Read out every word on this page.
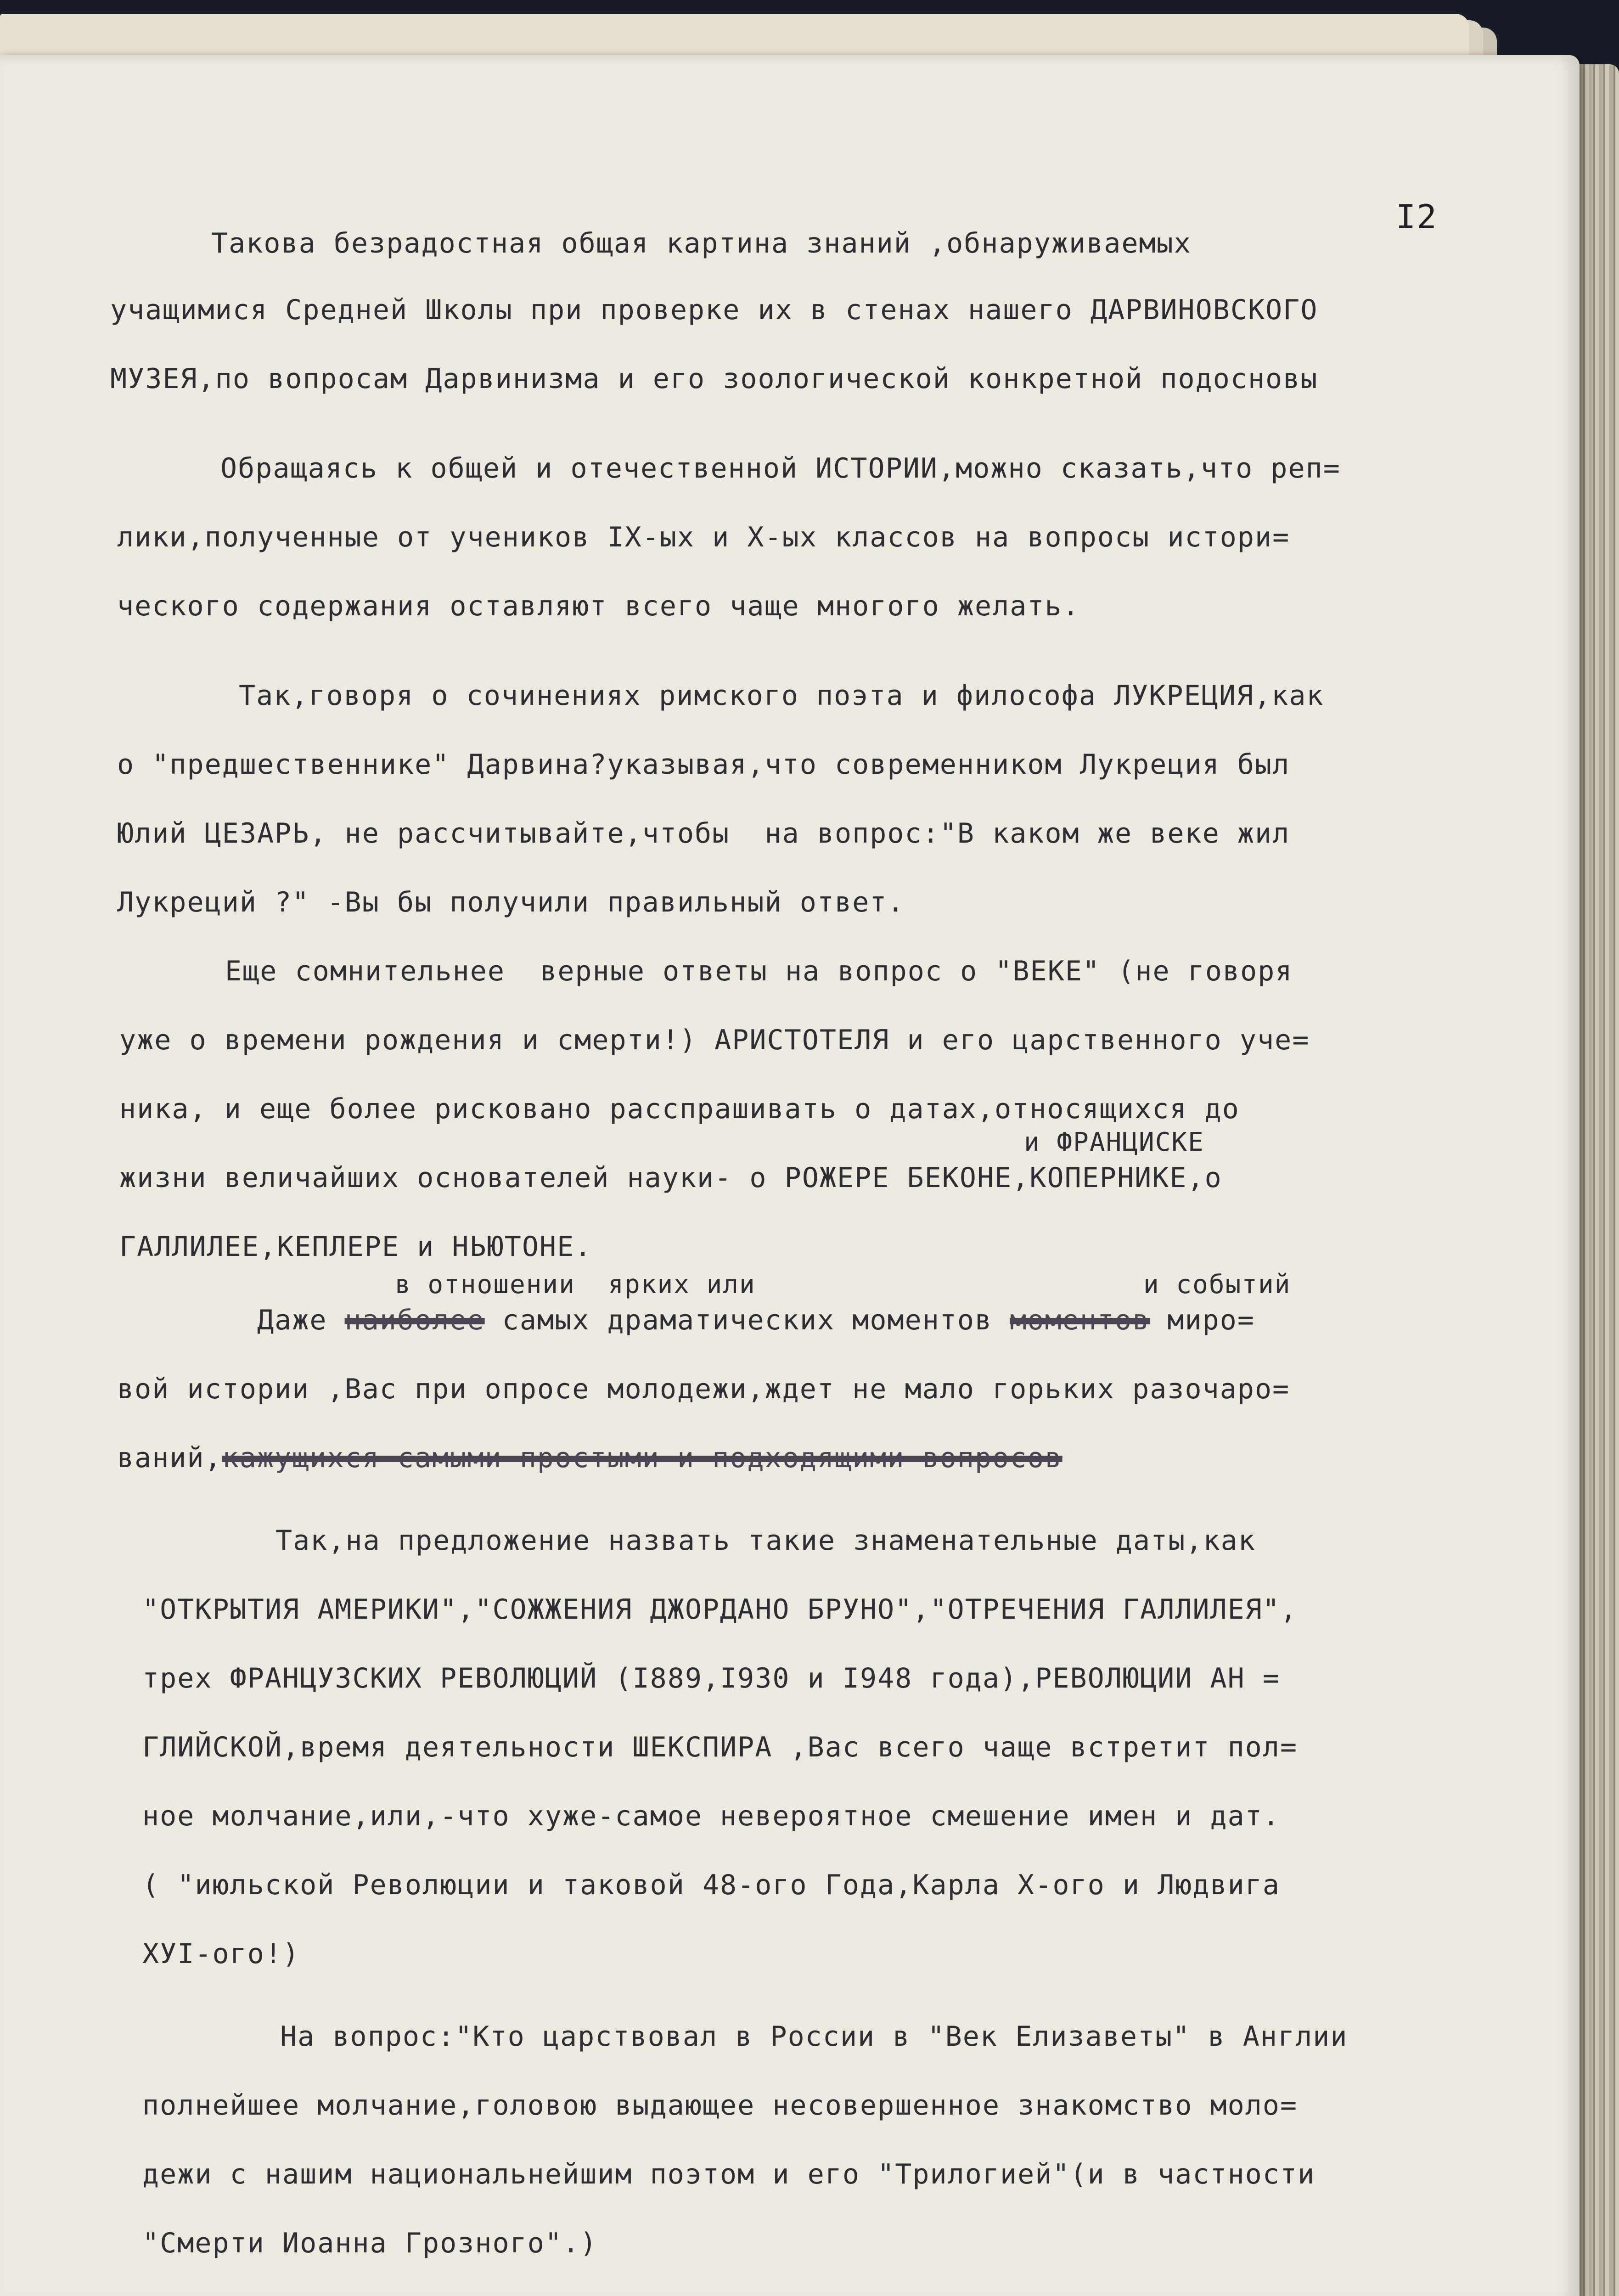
I2
Такова безрадостная общая картина знаний ,обнаруживаемых
учащимися Средней Школы при проверке их в стенах нашего ДАРВИНОВСКОГО
МУЗЕЯ,по вопросам Дарвинизма и его зоологической конкретной подосновы
Обращаясь к общей и отечественной ИСТОРИИ,можно сказать,что реп=
лики,полученные от учеников IX-ых и X-ых классов на вопросы истори=
ческого содержания оставляют всего чаще многого желать.
Так,говоря о сочинениях римского поэта и философа ЛУКРЕЦИЯ,как
о "предшественнике" Дарвина?указывая,что современником Лукреция был
Юлий ЦЕЗАРЬ, не рассчитывайте,чтобы  на вопрос:"В каком же веке жил
Лукреций ?" -Вы бы получили правильный ответ.
Еще сомнительнее  верные ответы на вопрос о "ВЕКЕ" (не говоря
уже о времени рождения и смерти!) АРИСТОТЕЛЯ и его царственного уче=
ника, и еще более рисковано расспрашивать о датах,относящихся до
и ФРАНЦИСКЕ
жизни величайших основателей науки- о РОЖЕРЕ БЕКОНЕ,КОПЕРНИКЕ,о
ГАЛЛИЛЕЕ,КЕПЛЕРЕ и НЬЮТОНЕ.
в отношении  ярких или	и событий
Даже наиболее самых драматических моментов моментов миро=
вой истории ,Вас при опросе молодежи,ждет не мало горьких разочаро=
ваний,кажущихся самыми простыми и подходящими вопросов
Так,на предложение назвать такие знаменательные даты,как
"ОТКРЫТИЯ АМЕРИКИ","СОЖЖЕНИЯ ДЖОРДАНО БРУНО","ОТРЕЧЕНИЯ ГАЛЛИЛЕЯ",
трех ФРАНЦУЗСКИХ РЕВОЛЮЦИЙ (I889,I930 и I948 года),РЕВОЛЮЦИИ АН =
ГЛИЙСКОЙ,время деятельности ШЕКСПИРА ,Вас всего чаще встретит пол=
ное молчание,или,-что хуже-самое невероятное смешение имен и дат.
( "июльской Революции и таковой 48-ого Года,Карла X-ого и Людвига
XУI-ого!)
На вопрос:"Кто царствовал в России в "Век Елизаветы" в Англии
полнейшее молчание,головою выдающее несовершенное знакомство моло=
дежи с нашим национальнейшим поэтом и его "Трилогией"(и в частности
"Смерти Иоанна Грозного".)
